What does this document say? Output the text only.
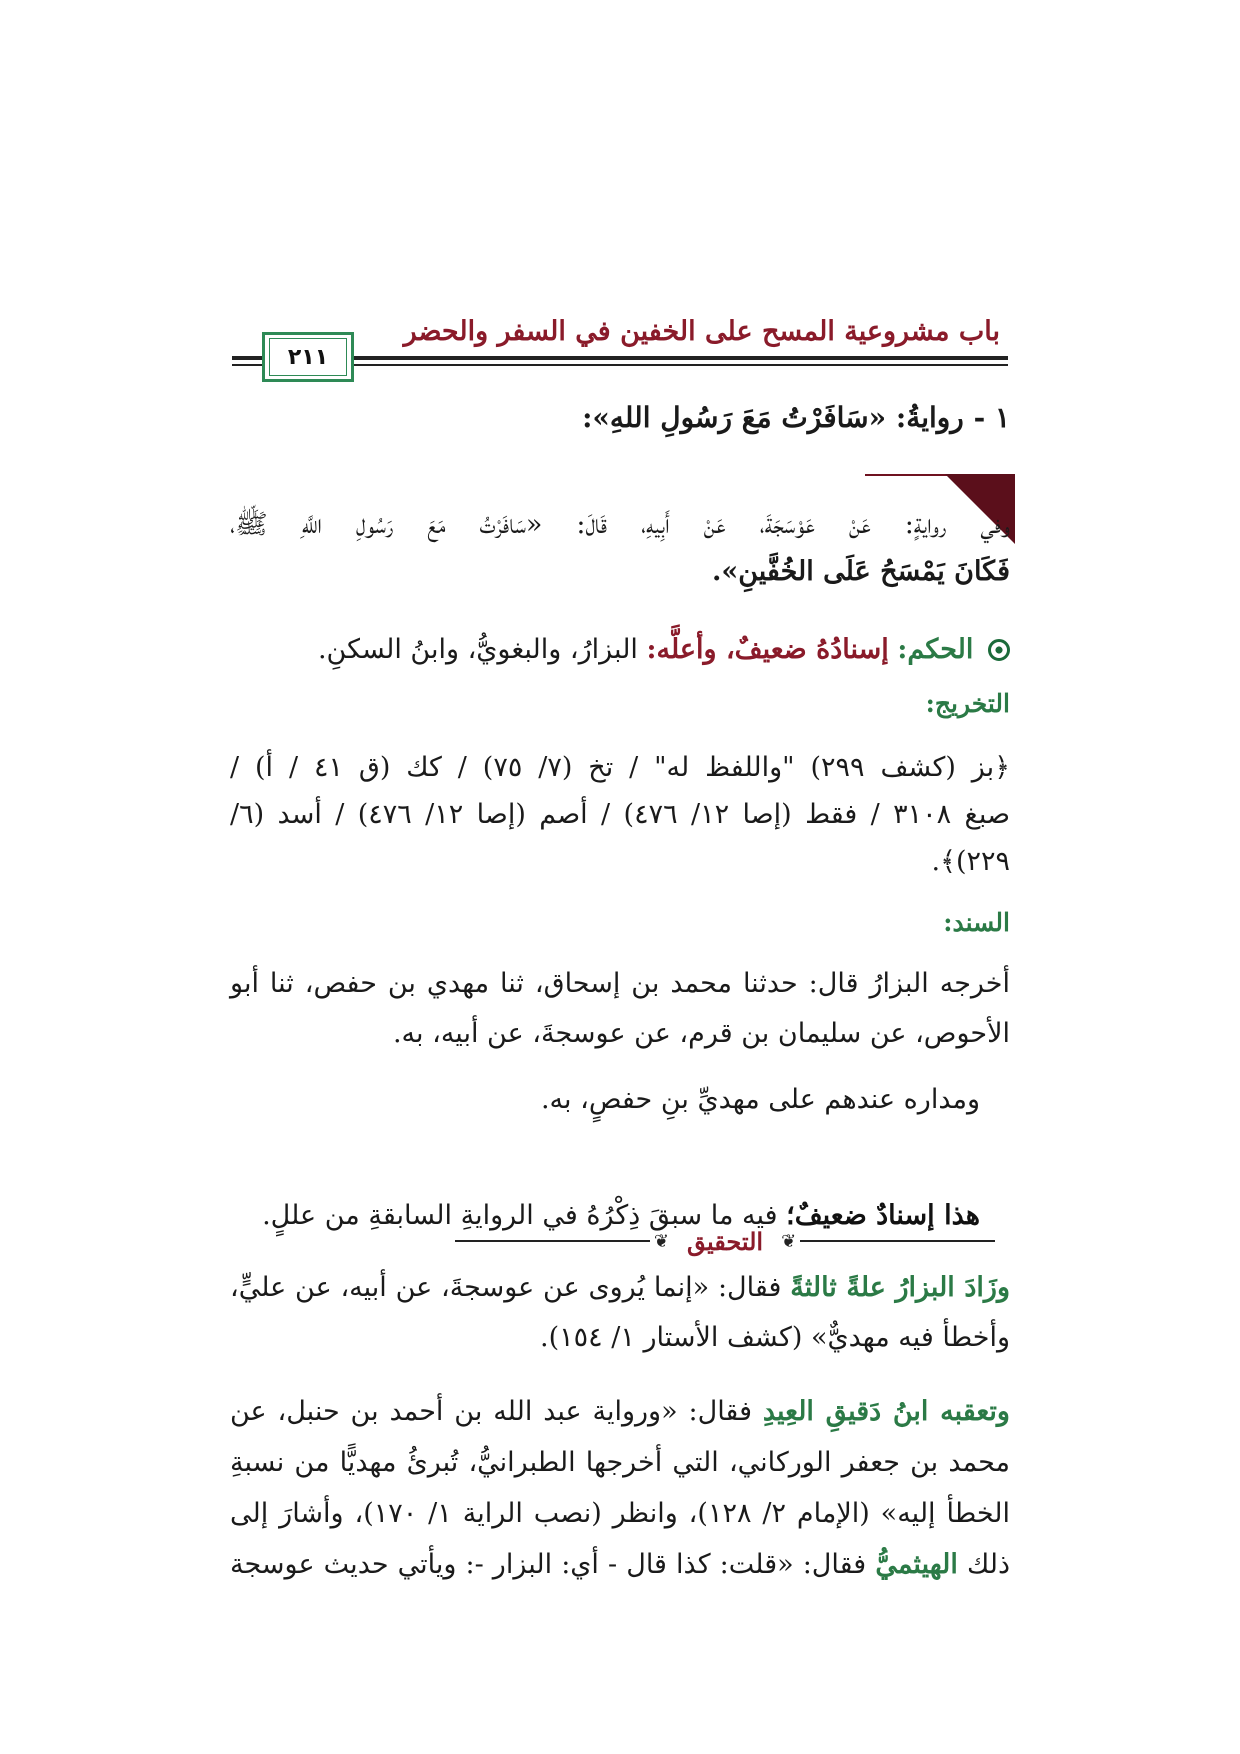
باب مشروعية المسح على الخفين في السفر والحضر
٢١١
١ - روايةُ: «سَافَرْتُ مَعَ رَسُولِ اللهِ»:
وفي روايةٍ: عَنْ عَوْسَجَةَ، عَنْ أَبِيهِ، قَالَ: «سَافَرْتُ مَعَ رَسُولِ اللَّهِ ﷺ،
فَكَانَ يَمْسَحُ عَلَى الخُفَّينِ».
الحكم: إسنادُهُ ضعيفٌ، وأعلَّه: البزارُ، والبغويُّ، وابنُ السكنِ.
التخريج:
﴿بز (كشف ٢٩٩) "واللفظ له" / تخ (٧/ ٧٥) / كك (ق ٤١ / أ) /
صبغ ٣١٠٨ / فقط (إصا ١٢/ ٤٧٦) / أصم (إصا ١٢/ ٤٧٦) / أسد (٦/
٢٢٩)﴾.
السند:
أخرجه البزارُ قال: حدثنا محمد بن إسحاق، ثنا مهدي بن حفص، ثنا أبو
الأحوص، عن سليمان بن قرم، عن عوسجةَ، عن أبيه، به.
ومداره عندهم على مهديِّ بنِ حفصٍ، به.
❦
التحقيق
❦
هذا إسنادٌ ضعيفٌ؛ فيه ما سبقَ ذِكْرُهُ في الروايةِ السابقةِ من عللٍ.
وزَادَ البزارُ علةً ثالثةً فقال: «إنما يُروى عن عوسجةَ، عن أبيه، عن عليٍّ،
وأخطأ فيه مهديٌّ» (كشف الأستار ١/ ١٥٤).
وتعقبه ابنُ دَقيقِ العِيدِ فقال: «ورواية عبد الله بن أحمد بن حنبل، عن
محمد بن جعفر الوركاني، التي أخرجها الطبرانيُّ، تُبرئُ مهديًّا من نسبةِ
الخطأ إليه» (الإمام ٢/ ١٢٨)، وانظر (نصب الراية ١/ ١٧٠)، وأشارَ إلى
ذلك الهيثميُّ فقال: «قلت: كذا قال - أي: البزار -: ويأتي حديث عوسجة
